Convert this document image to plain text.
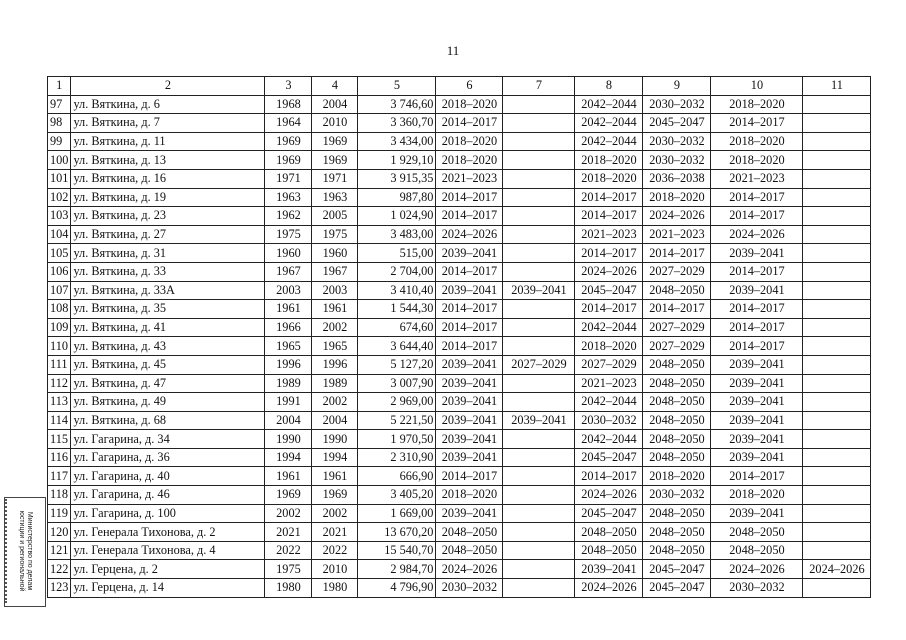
11
1	2	3	4	5	6	7	8	9	10	11
97	ул. Вяткина, д. 6	1968	2004	3 746,60	2018–2020		2042–2044	2030–2032	2018–2020	
98	ул. Вяткина, д. 7	1964	2010	3 360,70	2014–2017		2042–2044	2045–2047	2014–2017	
99	ул. Вяткина, д. 11	1969	1969	3 434,00	2018–2020		2042–2044	2030–2032	2018–2020	
100	ул. Вяткина, д. 13	1969	1969	1 929,10	2018–2020		2018–2020	2030–2032	2018–2020	
101	ул. Вяткина, д. 16	1971	1971	3 915,35	2021–2023		2018–2020	2036–2038	2021–2023	
102	ул. Вяткина, д. 19	1963	1963	987,80	2014–2017		2014–2017	2018–2020	2014–2017	
103	ул. Вяткина, д. 23	1962	2005	1 024,90	2014–2017		2014–2017	2024–2026	2014–2017	
104	ул. Вяткина, д. 27	1975	1975	3 483,00	2024–2026		2021–2023	2021–2023	2024–2026	
105	ул. Вяткина, д. 31	1960	1960	515,00	2039–2041		2014–2017	2014–2017	2039–2041	
106	ул. Вяткина, д. 33	1967	1967	2 704,00	2014–2017		2024–2026	2027–2029	2014–2017	
107	ул. Вяткина, д. 33А	2003	2003	3 410,40	2039–2041	2039–2041	2045–2047	2048–2050	2039–2041	
108	ул. Вяткина, д. 35	1961	1961	1 544,30	2014–2017		2014–2017	2014–2017	2014–2017	
109	ул. Вяткина, д. 41	1966	2002	674,60	2014–2017		2042–2044	2027–2029	2014–2017	
110	ул. Вяткина, д. 43	1965	1965	3 644,40	2014–2017		2018–2020	2027–2029	2014–2017	
111	ул. Вяткина, д. 45	1996	1996	5 127,20	2039–2041	2027–2029	2027–2029	2048–2050	2039–2041	
112	ул. Вяткина, д. 47	1989	1989	3 007,90	2039–2041		2021–2023	2048–2050	2039–2041	
113	ул. Вяткина, д. 49	1991	2002	2 969,00	2039–2041		2042–2044	2048–2050	2039–2041	
114	ул. Вяткина, д. 68	2004	2004	5 221,50	2039–2041	2039–2041	2030–2032	2048–2050	2039–2041	
115	ул. Гагарина, д. 34	1990	1990	1 970,50	2039–2041		2042–2044	2048–2050	2039–2041	
116	ул. Гагарина, д. 36	1994	1994	2 310,90	2039–2041		2045–2047	2048–2050	2039–2041	
117	ул. Гагарина, д. 40	1961	1961	666,90	2014–2017		2014–2017	2018–2020	2014–2017	
118	ул. Гагарина, д. 46	1969	1969	3 405,20	2018–2020		2024–2026	2030–2032	2018–2020	
119	ул. Гагарина, д. 100	2002	2002	1 669,00	2039–2041		2045–2047	2048–2050	2039–2041	
120	ул. Генерала Тихонова, д. 2	2021	2021	13 670,20	2048–2050		2048–2050	2048–2050	2048–2050	
121	ул. Генерала Тихонова, д. 4	2022	2022	15 540,70	2048–2050		2048–2050	2048–2050	2048–2050	
122	ул. Герцена, д. 2	1975	2010	2 984,70	2024–2026		2039–2041	2045–2047	2024–2026	2024–2026
123	ул. Герцена, д. 14	1980	1980	4 796,90	2030–2032		2024–2026	2045–2047	2030–2032	
Министерство по делам
юстиции и региональной
